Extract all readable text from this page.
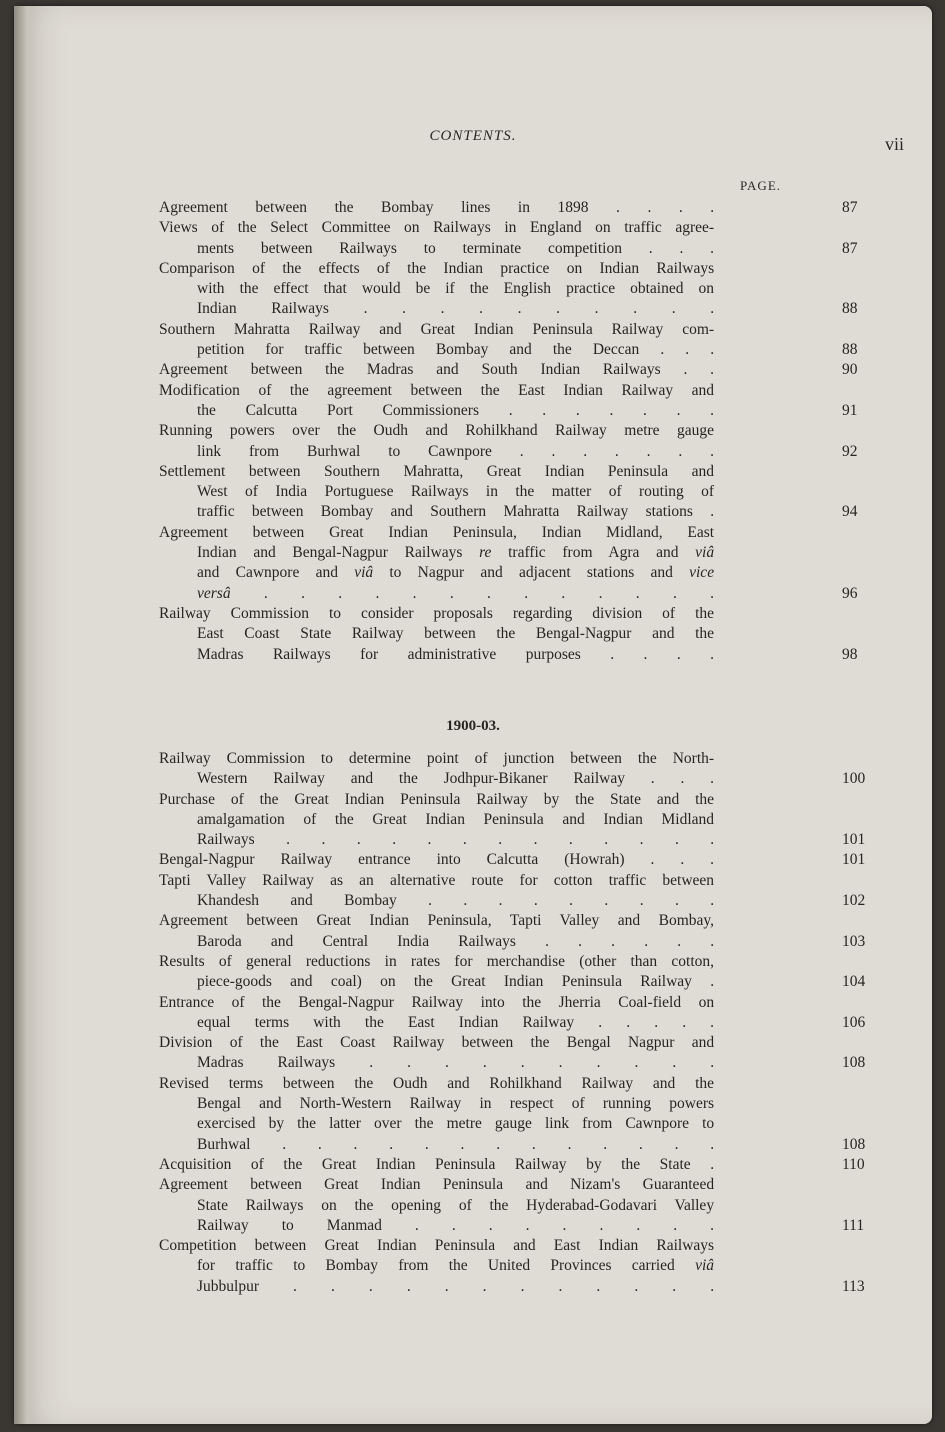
CONTENTS.	vii
PAGE.
Agreement between the Bombay lines in 1898 . . . .	87
Views of the Select Committee on Railways in England on traffic agree-
ments between Railways to terminate competition . . .	87
Comparison of the effects of the Indian practice on Indian Railways
with the effect that would be if the English practice obtained on
Indian Railways . . . . . . . . . .	88
Southern Mahratta Railway and Great Indian Peninsula Railway com-
petition for traffic between Bombay and the Deccan . . .	88
Agreement between the Madras and South Indian Railways . .	90
Modification of the agreement between the East Indian Railway and
the Calcutta Port Commissioners . . . . . . .	91
Running powers over the Oudh and Rohilkhand Railway metre gauge
link from Burhwal to Cawnpore . . . . . . .	92
Settlement between Southern Mahratta, Great Indian Peninsula and
West of India Portuguese Railways in the matter of routing of
traffic between Bombay and Southern Mahratta Railway stations .	94
Agreement between Great Indian Peninsula, Indian Midland, East
Indian and Bengal-Nagpur Railways re traffic from Agra and viâ
and Cawnpore and viâ to Nagpur and adjacent stations and vice
versâ . . . . . . . . . . . . .	96
Railway Commission to consider proposals regarding division of the
East Coast State Railway between the Bengal-Nagpur and the
Madras Railways for administrative purposes . . . .	98
1900-03.
Railway Commission to determine point of junction between the North-
Western Railway and the Jodhpur-Bikaner Railway . . .	100
Purchase of the Great Indian Peninsula Railway by the State and the
amalgamation of the Great Indian Peninsula and Indian Midland
Railways . . . . . . . . . . . . .	101
Bengal-Nagpur Railway entrance into Calcutta (Howrah) . . .	101
Tapti Valley Railway as an alternative route for cotton traffic between
Khandesh and Bombay . . . . . . . . .	102
Agreement between Great Indian Peninsula, Tapti Valley and Bombay,
Baroda and Central India Railways . . . . . .	103
Results of general reductions in rates for merchandise (other than cotton,
piece-goods and coal) on the Great Indian Peninsula Railway .	104
Entrance of the Bengal-Nagpur Railway into the Jherria Coal-field on
equal terms with the East Indian Railway . . . . .	106
Division of the East Coast Railway between the Bengal Nagpur and
Madras Railways . . . . . . . . . .	108
Revised terms between the Oudh and Rohilkhand Railway and the
Bengal and North-Western Railway in respect of running powers
exercised by the latter over the metre gauge link from Cawnpore to
Burhwal . . . . . . . . . . . . .	108
Acquisition of the Great Indian Peninsula Railway by the State .	110
Agreement between Great Indian Peninsula and Nizam's Guaranteed
State Railways on the opening of the Hyderabad-Godavari Valley
Railway to Manmad . . . . . . . . .	111
Competition between Great Indian Peninsula and East Indian Railways
for traffic to Bombay from the United Provinces carried viâ
Jubbulpur . . . . . . . . . . . .	113
